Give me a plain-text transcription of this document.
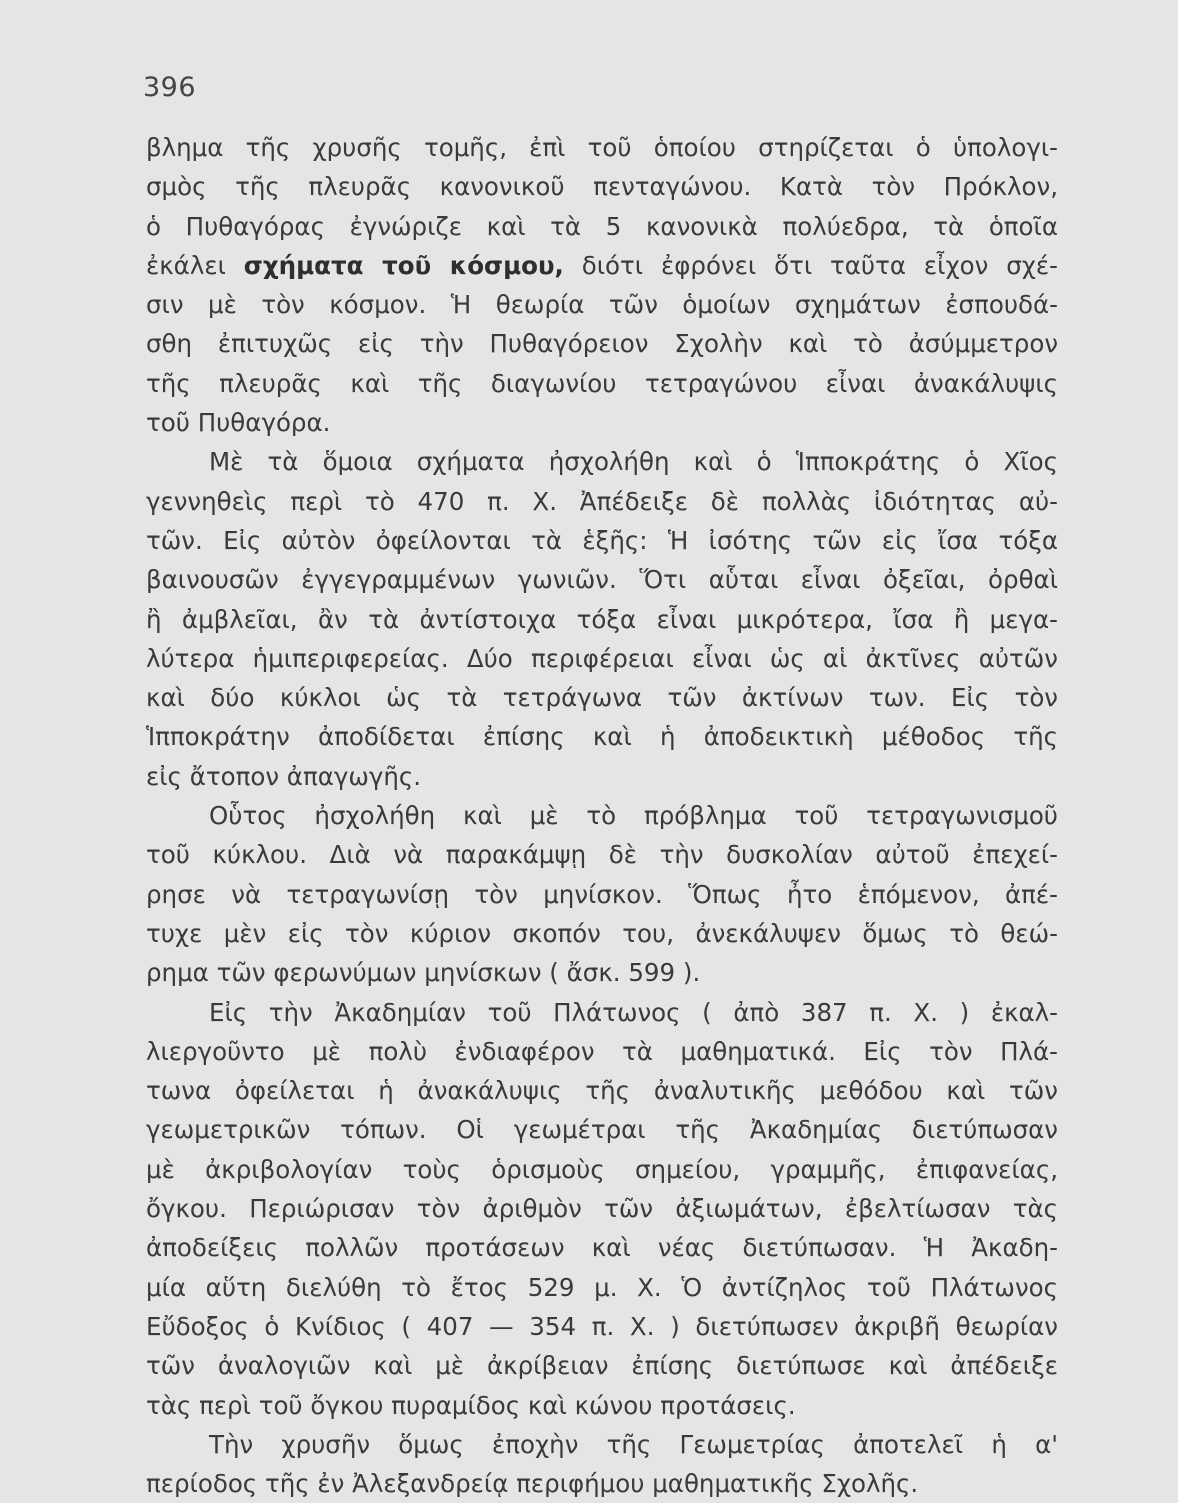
396
βλημα τῆς χρυσῆς τομῆς, ἐπὶ τοῦ ὁποίου στηρίζεται ὁ ὑπολογι-
σμὸς τῆς πλευρᾶς κανονικοῦ πενταγώνου. Κατὰ τὸν Πρόκλον,
ὁ Πυθαγόρας ἐγνώριζε καὶ τὰ 5 κανονικὰ πολύεδρα, τὰ ὁποῖα
ἐκάλει σχήματα τοῦ κόσμου, διότι ἐφρόνει ὅτι ταῦτα εἶχον σχέ-
σιν μὲ τὸν κόσμον. Ἡ θεωρία τῶν ὁμοίων σχημάτων ἐσπουδά-
σθη ἐπιτυχῶς εἰς τὴν Πυθαγόρειον Σχολὴν καὶ τὸ ἀσύμμετρον
τῆς πλευρᾶς καὶ τῆς διαγωνίου τετραγώνου εἶναι ἀνακάλυψις
τοῦ Πυθαγόρα.
Μὲ τὰ ὅμοια σχήματα ἠσχολήθη καὶ ὁ Ἱπποκράτης ὁ Χῖος
γεννηθεὶς περὶ τὸ 470 π. Χ. Ἀπέδειξε δὲ πολλὰς ἰδιότητας αὐ-
τῶν. Εἰς αὐτὸν ὀφείλονται τὰ ἑξῆς: Ἡ ἰσότης τῶν εἰς ἴσα τόξα
βαινουσῶν ἐγγεγραμμένων γωνιῶν. Ὅτι αὗται εἶναι ὀξεῖαι, ὀρθαὶ
ἢ ἀμβλεῖαι, ἂν τὰ ἀντίστοιχα τόξα εἶναι μικρότερα, ἴσα ἢ μεγα-
λύτερα ἡμιπεριφερείας. Δύο περιφέρειαι εἶναι ὡς αἱ ἀκτῖνες αὐτῶν
καὶ δύο κύκλοι ὡς τὰ τετράγωνα τῶν ἀκτίνων των. Εἰς τὸν
Ἱπποκράτην ἀποδίδεται ἐπίσης καὶ ἡ ἀποδεικτικὴ μέθοδος τῆς
εἰς ἄτοπον ἀπαγωγῆς.
Οὗτος ἠσχολήθη καὶ μὲ τὸ πρόβλημα τοῦ τετραγωνισμοῦ
τοῦ κύκλου. Διὰ νὰ παρακάμψῃ δὲ τὴν δυσκολίαν αὐτοῦ ἐπεχεί-
ρησε νὰ τετραγωνίσῃ τὸν μηνίσκον. Ὅπως ἦτο ἑπόμενον, ἀπέ-
τυχε μὲν εἰς τὸν κύριον σκοπόν του, ἀνεκάλυψεν ὅμως τὸ θεώ-
ρημα τῶν φερωνύμων μηνίσκων ( ἄσκ. 599 ).
Εἰς τὴν Ἀκαδημίαν τοῦ Πλάτωνος ( ἀπὸ 387 π. Χ. ) ἐκαλ-
λιεργοῦντο μὲ πολὺ ἐνδιαφέρον τὰ μαθηματικά. Εἰς τὸν Πλά-
τωνα ὀφείλεται ἡ ἀνακάλυψις τῆς ἀναλυτικῆς μεθόδου καὶ τῶν
γεωμετρικῶν τόπων. Οἱ γεωμέτραι τῆς Ἀκαδημίας διετύπωσαν
μὲ ἀκριβολογίαν τοὺς ὁρισμοὺς σημείου, γραμμῆς, ἐπιφανείας,
ὄγκου. Περιώρισαν τὸν ἀριθμὸν τῶν ἀξιωμάτων, ἐβελτίωσαν τὰς
ἀποδείξεις πολλῶν προτάσεων καὶ νέας διετύπωσαν. Ἡ Ἀκαδη-
μία αὕτη διελύθη τὸ ἔτος 529 μ. Χ. Ὁ ἀντίζηλος τοῦ Πλάτωνος
Εὔδοξος ὁ Κνίδιος ( 407 — 354 π. Χ. ) διετύπωσεν ἀκριβῆ θεωρίαν
τῶν ἀναλογιῶν καὶ μὲ ἀκρίβειαν ἐπίσης διετύπωσε καὶ ἀπέδειξε
τὰς περὶ τοῦ ὄγκου πυραμίδος καὶ κώνου προτάσεις.
Τὴν χρυσῆν ὅμως ἐποχὴν τῆς Γεωμετρίας ἀποτελεῖ ἡ α'
περίοδος τῆς ἐν Ἀλεξανδρείᾳ περιφήμου μαθηματικῆς Σχολῆς.
